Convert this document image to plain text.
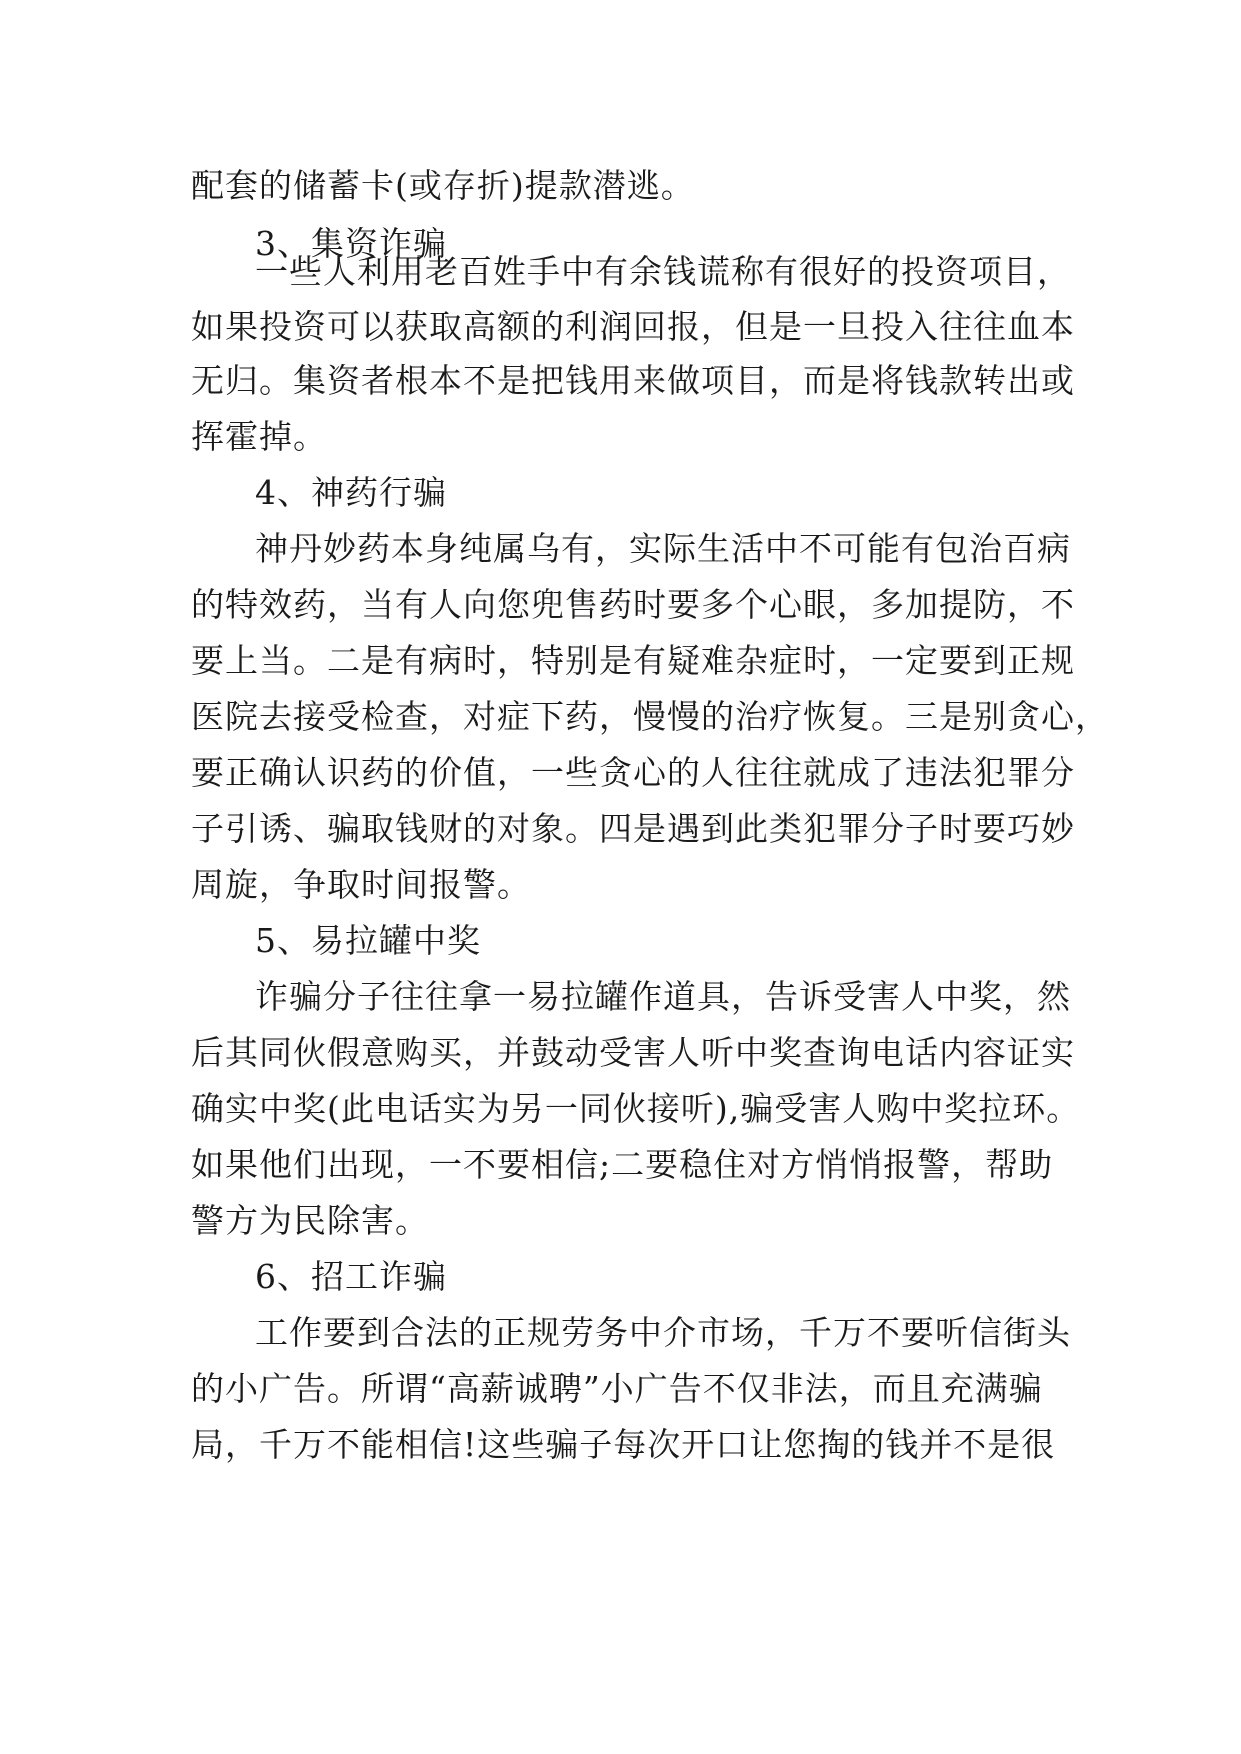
配套的储蓄卡(或存折)提款潜逃。
3、集资诈骗
一些人利用老百姓手中有余钱谎称有很好的投资项目，
如果投资可以获取高额的利润回报，但是一旦投入往往血本
无归。集资者根本不是把钱用来做项目，而是将钱款转出或
挥霍掉。
4、神药行骗
神丹妙药本身纯属乌有，实际生活中不可能有包治百病
的特效药，当有人向您兜售药时要多个心眼，多加提防，不
要上当。二是有病时，特别是有疑难杂症时，一定要到正规
医院去接受检查，对症下药，慢慢的治疗恢复。三是别贪心，
要正确认识药的价值，一些贪心的人往往就成了违法犯罪分
子引诱、骗取钱财的对象。四是遇到此类犯罪分子时要巧妙
周旋，争取时间报警。
5、易拉罐中奖
诈骗分子往往拿一易拉罐作道具，告诉受害人中奖，然
后其同伙假意购买，并鼓动受害人听中奖查询电话内容证实
确实中奖(此电话实为另一同伙接听),骗受害人购中奖拉环。
如果他们出现，一不要相信;二要稳住对方悄悄报警，帮助
警方为民除害。
6、招工诈骗
工作要到合法的正规劳务中介市场，千万不要听信街头
的小广告。所谓“高薪诚聘”小广告不仅非法，而且充满骗
局，千万不能相信!这些骗子每次开口让您掏的钱并不是很
